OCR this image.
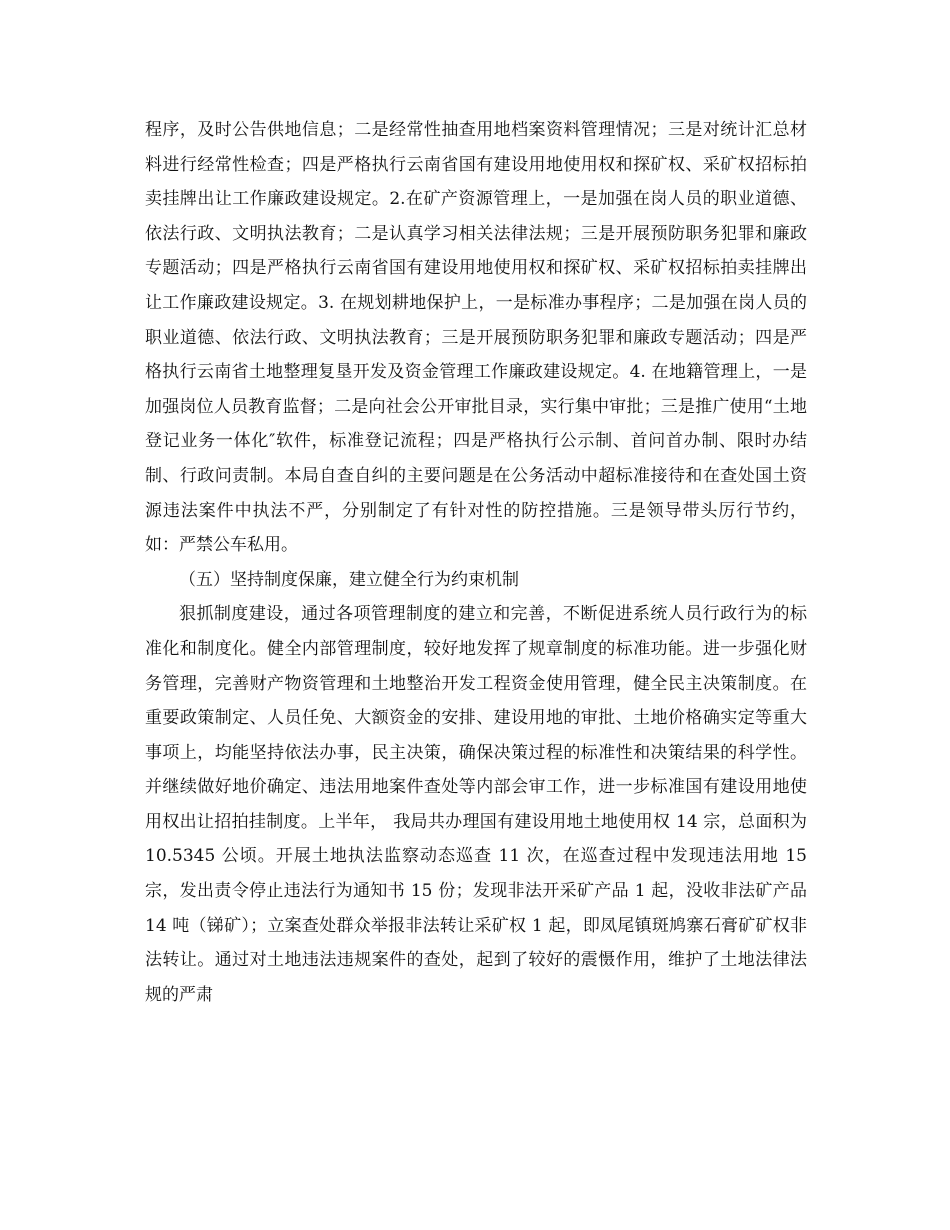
程序，及时公告供地信息；二是经常性抽查用地档案资料管理情况；三是对统计汇总材料进行经常性检查；四是严格执行云南省国有建设用地使用权和探矿权、采矿权招标拍卖挂牌出让工作廉政建设规定。2.在矿产资源管理上，一是加强在岗人员的职业道德、依法行政、文明执法教育；二是认真学习相关法律法规；三是开展预防职务犯罪和廉政专题活动；四是严格执行云南省国有建设用地使用权和探矿权、采矿权招标拍卖挂牌出让工作廉政建设规定。3. 在规划耕地保护上，一是标准办事程序；二是加强在岗人员的职业道德、依法行政、文明执法教育；三是开展预防职务犯罪和廉政专题活动；四是严格执行云南省土地整理复垦开发及资金管理工作廉政建设规定。4. 在地籍管理上，一是加强岗位人员教育监督；二是向社会公开审批目录，实行集中审批；三是推广使用“土地登记业务一体化″软件，标准登记流程；四是严格执行公示制、首问首办制、限时办结制、行政问责制。本局自查自纠的主要问题是在公务活动中超标准接待和在查处国土资源违法案件中执法不严，分别制定了有针对性的防控措施。三是领导带头厉行节约，如：严禁公车私用。

（五）坚持制度保廉，建立健全行为约束机制

狠抓制度建设，通过各项管理制度的建立和完善，不断促进系统人员行政行为的标准化和制度化。健全内部管理制度，较好地发挥了规章制度的标准功能。进一步强化财务管理，完善财产物资管理和土地整治开发工程资金使用管理，健全民主决策制度。在重要政策制定、人员任免、大额资金的安排、建设用地的审批、土地价格确实定等重大事项上，均能坚持依法办事，民主决策，确保决策过程的标准性和决策结果的科学性。并继续做好地价确定、违法用地案件查处等内部会审工作，进一步标准国有建设用地使用权出让招拍挂制度。上半年， 我局共办理国有建设用地土地使用权 14 宗，总面积为 10.5345 公顷。开展土地执法监察动态巡查 11 次，在巡查过程中发现违法用地 15 宗，发出责令停止违法行为通知书 15 份；发现非法开采矿产品 1 起，没收非法矿产品 14 吨（锑矿）；立案查处群众举报非法转让采矿权 1 起，即凤尾镇斑鸠寨石膏矿矿权非法转让。通过对土地违法违规案件的查处，起到了较好的震慑作用，维护了土地法律法规的严肃
